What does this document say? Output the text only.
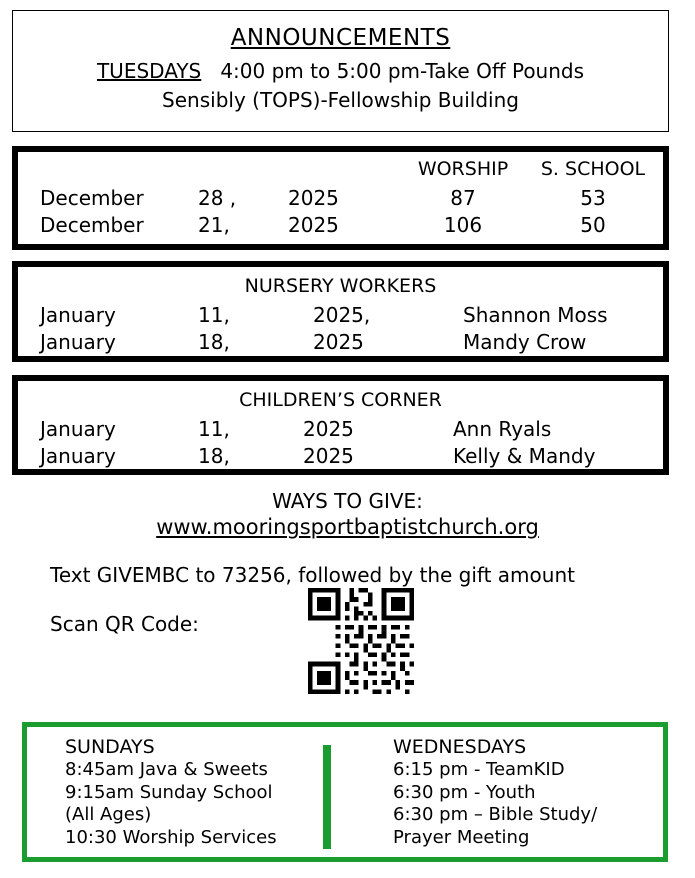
ANNOUNCEMENTS
TUESDAYS 4:00 pm to 5:00 pm-Take Off Pounds
Sensibly (TOPS)-Fellowship Building
WORSHIP	S. SCHOOL
December	28 ,	2025	87	53
December	21,	2025	106	50
NURSERY WORKERS
January	11,	2025,	Shannon Moss
January	18,	2025	Mandy Crow
CHILDREN’S CORNER
January	11,	2025	Ann Ryals
January	18,	2025	Kelly & Mandy
WAYS TO GIVE:
www.mooringsportbaptistchurch.org
Text GIVEMBC to 73256, followed by the gift amount
Scan QR Code:
SUNDAYS
8:45am Java & Sweets
9:15am Sunday School
(All Ages)
10:30 Worship Services
WEDNESDAYS
6:15 pm - TeamKID
6:30 pm - Youth
6:30 pm – Bible Study/
Prayer Meeting
